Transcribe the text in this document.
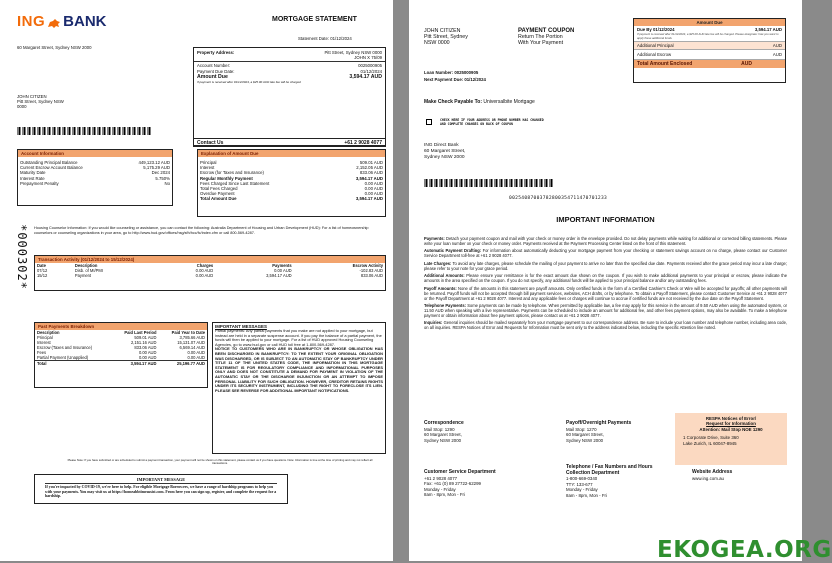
ING BANK
60 Margaret Street, Sydney NSW 2000
MORTGAGE STATEMENT
Statement Date: 01/12/2024
Property Address:	Pitt Street, Sydney NSW 0000
JOHN X 75/09
Account Number:	0025000905
Payment Due Date:	01/12/2024
Amount Due	3,594.17 AUD
If payment is received after 01/12/2024, a $25.00 AUD late fee will be charged
Contact Us	+61 2 9028 4077
JOHN CITIZEN
Pitt Street, Sydney NSW
0000
*000302*
Account Information
Outstanding Principal Balance	449,123.12 AUD
Current Escrow Account Balance	5,175.29 AUD
Maturity Date	Dec 2024
Interest Rate	5.750%
Prepayment Penalty	No
Explanation of Amount Due
Principal	509.01 AUD
Interest	2,152.05 AUD
Escrow (for Taxes and Insurance)	833.06 AUD
Regular Monthly Payment	3,594.17 AUD
Fees Charged Since Last Statement	0.00 AUD
Total Fees Charged	0.00 AUD
Overdue Payment	0.00 AUD
Total Amount Due	3,594.17 AUD
Housing Counselor Information: If you would like counseling or assistance, you can contact the following: Australia Department of Housing and Urban Development (HUD): For a list of homeownership counselors or counseling organizations in your area, go to http://www.hud.gov/offices/hsg/sfh/hcc/fc/index.cfm or call 800-569-4287.
Transaction Activity (01/12/2024 to 15/12/2024)
Date	Description	Charges	Payments	Escrow Activity
07/12	Disb. of MI/PMI	0.00 AUD	0.00 AUD	-102.83 AUD
15/12	Payment	0.00 AUD	3,594.17 AUD	833.06 AUD
Past Payments Breakdown
Description	Paid Last Period	Paid Year to Date
Principal	509.01 AUD	3,785.66 AUD
Interest	2,151.16 AUD	15,131.07 AUD
Escrow (Taxes and Insurance)	833.06 AUD	6,569.14 AUD
Fees	0.00 AUD	0.00 AUD
Partial Payment (Unapplied)	0.00 AUD	0.00 AUD
Total	3,594.17 AUD	25,196.77 AUD
IMPORTANT MESSAGES
Partial payments: Any partial payments that you make are not applied to your mortgage, but instead are held in a separate suspense account. If you pay the balance of a partial payment, the funds will then be applied to your mortgage. For a list of HUD approved Housing Counseling Agencies, go to www.hud.gov or call HUD toll free at 1-800-569-4287.
NOTICE TO CUSTOMERS WHO ARE IN BANKRUPTCY OR WHOSE OBLIGATION HAS BEEN DISCHARGED IN BANKRUPTCY: TO THE EXTENT YOUR ORIGINAL OBLIGATION WAS DISCHARGED, OR IS SUBJECT TO AN AUTOMATIC STAY OF BANKRUPTCY UNDER TITLE 11 OF THE UNITED STATES CODE, THE INFORMATION IN THIS MORTGAGE STATEMENT IS FOR REGULATORY COMPLIANCE AND INFORMATIONAL PURPOSES ONLY AND DOES NOT CONSTITUTE A DEMAND FOR PAYMENT IN VIOLATION OF THE AUTOMATIC STAY OR THE DISCHARGE INJUNCTION OR AN ATTEMPT TO IMPOSE PERSONAL LIABILITY FOR SUCH OBLIGATION. HOWEVER, CREDITOR RETAINS RIGHTS UNDER ITS SECURITY INSTRUMENT, INCLUDING THE RIGHT TO FORECLOSE ITS LIEN. PLEASE SEE REVERSE FOR ADDITIONAL IMPORTANT NOTIFICATIONS.
Please Note: If you have submitted or are scheduled to submit a payment transaction, your payment will not be shown on this statement, please contact us if you have questions. Note: Information is true at the time of printing and may not reflect all transactions.
IMPORTANT MESSAGE
If you're impacted by COVID-19, we're here to help. For eligible Mortgage Borrowers, we have a range of hardship programs to help you with your payments. You may visit us at https://homeabbtimeassist.com. From here you can sign up, register, and complete the request for a hardship.
JOHN CITIZEN
Pitt Street, Sydney
NSW 0000
PAYMENT COUPON
Return The Portion
With Your Payment
Amount Due
Due By 01/12/2024	3,594.17 AUD
If payment is received after 01/12/2024, a $25.00 AUD late fee will be charged. Please designate: how you want to apply these additional funds.
Additional Principal	AUD
Additional Escrow	AUD
Total Amount Enclosed	AUD
Loan Number: 0025000905
Next Payment Due: 01/12/2024
Make Check Payable To: Universalbite Mortgage
CHECK HERE IF YOUR ADDRESS OR PHONE NUMBER HAS CHANGED AND COMPLETE CHANGES ON BACK OF COUPON
ING Direct Bank
60 Margaret Street,
Sydney NSW 2000
00254087003782800354711470701233
IMPORTANT INFORMATION
Payments: Detach your payment coupon and mail with your check or money order in the envelope provided. Do not delay payments while waiting for additional or corrected billing statements. Please write your loan number on your check or money order. Payments received at the Payment Processing Center listed on the front of this statement.
Automatic Payment Drafting: For information about automatically deducting your mortgage payment from your checking or statement savings account on no charge, please contact our Customer Service Department toll-free at +61 2 9028 4077.
Late Charges: To avoid any late charges, please schedule the mailing of your payment to arrive no later than the specified due date. Payments received after the grace period may incur a late charge; please refer to your note for your grace period.
Additional Amounts: Please ensure your remittance is for the exact amount due shown on the coupon. If you wish to make additional payments to your principal or escrow, please indicate the amounts in the area specified on the coupon. If you do not specify, any additional funds will be applied to your principal balance and/or any outstanding fees.
Payoff Amounts: None of the amounts in this statement are payoff amounts. Only certified funds in the form of a Certified Cashier's Check or Wire will be accepted for payoffs; all other payments will be returned. Payoff funds will not be accepted through bill payment services, websites, ACH drafts, or by telephone. To obtain a Payoff Statement, please contact Customer Service at +61 2 9028 4077 or the Payoff Department at +61 2 9028 4077. Interest and any applicable fees or charges will continue to accrue if certified funds are not received by the due date on the Payoff Statement.
Telephone Payments: Some payments can be made by telephone. When permitted by applicable law, a fee may apply for this service in the amount of 9.50 AUD when using the automated system, or 11.50 AUD when speaking with a live representative. Payments can be scheduled to include an amount for additional fee, and other fees payment options, may also be available. To make a telephone payment or obtain information about free payment options, please contact us at +61 2 9028 4077.
Inquiries: General inquiries should be mailed separately from your mortgage payment to our correspondence address. Be sure to include your loan number and telephone number, including area code, on all inquiries. RESPA Notices of Error and Requests for Information must be sent only to the address indicated below, including the specific Attention line noted.
Correspondence
Mail Stop: 1290
60 Margaret Street,
Sydney NSW 2000
Payoff/Overnight Payments
Mail Stop: 1270
60 Margaret Street,
Sydney NSW 2000
RESPA Notices of Error/
Request for Information
Attention: Mail Stop NOE 1290
1 Corporate Drive, Suite 360
Lake Zurich, IL 60047-8945
Customer Service Department
+61 2 9028 4077
Fax: +61 (0) 89 27722-62299
Monday - Friday
8am - 8pm, Mon - Fri
Telephone / Fax Numbers and Hours
Collection Department
1-800-669-0340
TTY: 133-677
Monday - Friday
8am - 8pm, Mon - Fri
Website Address
www.ing.com.au
EKOGEA.ORG
